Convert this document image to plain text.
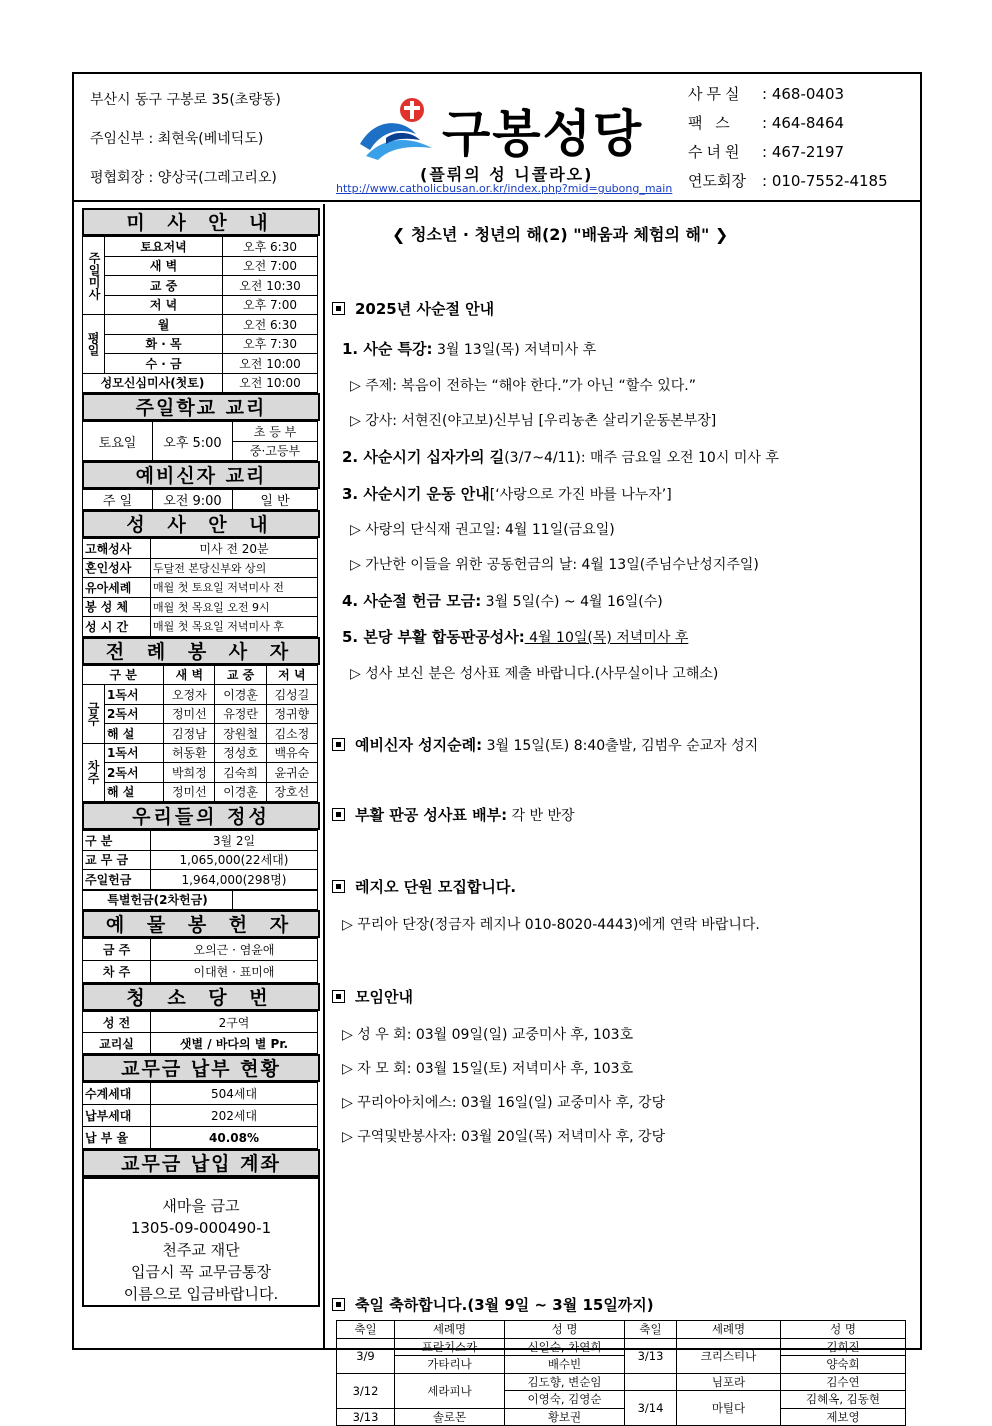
부산시 동구 구봉로 35(초량동)
주임신부 : 최현욱(베네딕도)
평협회장 : 양상국(그레고리오)
구봉성당
(플뤼의 성 니콜라오)
http://www.catholicbusan.or.kr/index.php?mid=gubong_main
사무실 : 468-0403
팩 스 : 464-8464
수녀원 : 467-2197
연도회장 : 010-7552-4185
미 사 안 내
주일미사	토요저녁	오후 6:30
	새 벽	오전 7:00
	교 중	오전 10:30
	저 녁	오후 7:00
평일	월	오전 6:30
	화 · 목	오후 7:30
	수 · 금	오전 10:00
성모신심미사(첫토)		오전 10:00
주일학교 교리
토요일	오후 5:00	초 등 부
중·고등부
예비신자 교리
주 일	오전 9:00	일 반
성 사 안 내
고해성사	미사 전 20분
혼인성사	두달전 본당신부와 상의
유아세례	매월 첫 토요일 저녁미사 전
봉 성 체	매월 첫 목요일 오전 9시
성 시 간	매월 첫 목요일 저녁미사 후
전 례 봉 사 자
구 분		새 벽	교 중	저 녁
금주	1독서	오정자	이경훈	김성길
	2독서	정미선	유정란	정귀향
	해 설	김정남	장원철	김소정
차주	1독서	허동환	정성호	백유숙
	2독서	박희정	김숙희	윤귀순
	해 설	정미선	이경훈	장호선
우리들의 정성
구 분	3월 2일
교 무 금	1,065,000(22세대)
주일헌금	1,964,000(298명)
특별헌금(2차헌금)	
예 물 봉 헌 자
금 주	오의근 · 염윤애
차 주	이대현 · 표미애
청 소 당 번
성 전	2구역
교리실	샛별 / 바다의 별 Pr.
교무금 납부 현황
수계세대	504세대
납부세대	202세대
납 부 율	40.08%
교무금 납입 계좌
새마을 금고
1305-09-000490-1
천주교 재단
입금시 꼭 교무금통장
이름으로 입금바랍니다.
❮ 청소년 · 청년의 해(2) "배움과 체험의 해" ❯
2025년 사순절 안내
1. 사순 특강: 3월 13일(목) 저녁미사 후
▷ 주제: 복음이 전하는 “해야 한다.”가 아닌 “할수 있다.”
▷ 강사: 서현진(야고보)신부님 [우리농촌 살리기운동본부장]
2. 사순시기 십자가의 길(3/7~4/11): 매주 금요일 오전 10시 미사 후
3. 사순시기 운동 안내[‘사랑으로 가진 바를 나누자’]
▷ 사랑의 단식재 권고일: 4월 11일(금요일)
▷ 가난한 이들을 위한 공동헌금의 날: 4월 13일(주님수난성지주일)
4. 사순절 헌금 모금: 3월 5일(수) ~ 4월 16일(수)
5. 본당 부활 합동판공성사: 4월 10일(목) 저녁미사 후
▷ 성사 보신 분은 성사표 제출 바랍니다.(사무실이나 고해소)
예비신자 성지순례: 3월 15일(토) 8:40출발, 김범우 순교자 성지
부활 판공 성사표 배부: 각 반 반장
레지오 단원 모집합니다.
▷ 꾸리아 단장(정금자 레지나 010-8020-4443)에게 연락 바랍니다.
모임안내
▷ 성 우 회: 03월 09일(일) 교중미사 후, 103호
▷ 자 모 회: 03월 15일(토) 저녁미사 후, 103호
▷ 꾸리아아치에스: 03월 16일(일) 교중미사 후, 강당
▷ 구역및반봉사자: 03월 20일(목) 저녁미사 후, 강당
축일 축하합니다.(3월 9일 ~ 3월 15일까지)
축일	세례명	성 명	축일	세례명	성 명
3/9	프란치스카	신일순, 차연희	3/13	크리스티나	김희진
	가타리나	배수빈			양숙희
3/12	세라피나	김도향, 변순임		님포라	김수연
		이영숙, 김영순	3/14	마틸다	김혜옥, 김동현
3/13	솔로몬	황보권			제보영
